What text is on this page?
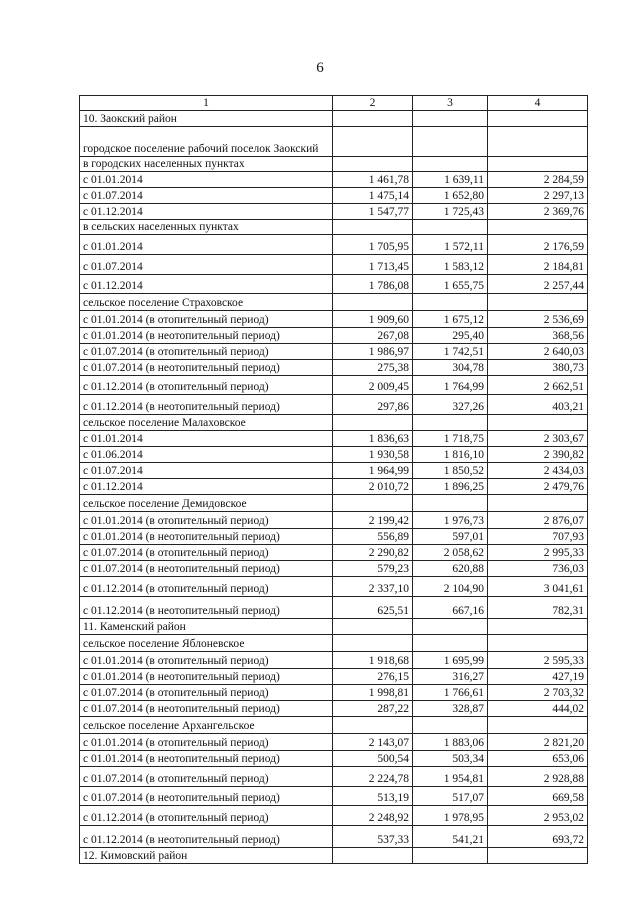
6
1	2	3	4
10. Заокский район			
городское поселение рабочий поселок Заокский			
в городских населенных пунктах			
с 01.01.2014	1 461,78	1 639,11	2 284,59
с 01.07.2014	1 475,14	1 652,80	2 297,13
с 01.12.2014	1 547,77	1 725,43	2 369,76
в сельских населенных пунктах			
с 01.01.2014	1 705,95	1 572,11	2 176,59
с 01.07.2014	1 713,45	1 583,12	2 184,81
с 01.12.2014	1 786,08	1 655,75	2 257,44
сельское поселение Страховское			
с 01.01.2014 (в отопительный период)	1 909,60	1 675,12	2 536,69
с 01.01.2014 (в неотопительный период)	267,08	295,40	368,56
с 01.07.2014 (в отопительный период)	1 986,97	1 742,51	2 640,03
с 01.07.2014 (в неотопительный период)	275,38	304,78	380,73
с 01.12.2014 (в отопительный период)	2 009,45	1 764,99	2 662,51
с 01.12.2014 (в неотопительный период)	297,86	327,26	403,21
сельское поселение Малаховское			
с 01.01.2014	1 836,63	1 718,75	2 303,67
с 01.06.2014	1 930,58	1 816,10	2 390,82
с 01.07.2014	1 964,99	1 850,52	2 434,03
с 01.12.2014	2 010,72	1 896,25	2 479,76
сельское поселение Демидовское			
с 01.01.2014 (в отопительный период)	2 199,42	1 976,73	2 876,07
с 01.01.2014 (в неотопительный период)	556,89	597,01	707,93
с 01.07.2014 (в отопительный период)	2 290,82	2 058,62	2 995,33
с 01.07.2014 (в неотопительный период)	579,23	620,88	736,03
с 01.12.2014 (в отопительный период)	2 337,10	2 104,90	3 041,61
с 01.12.2014 (в неотопительный период)	625,51	667,16	782,31
11. Каменский район			
сельское поселение Яблоневское			
с 01.01.2014 (в отопительный период)	1 918,68	1 695,99	2 595,33
с 01.01.2014 (в неотопительный период)	276,15	316,27	427,19
с 01.07.2014 (в отопительный период)	1 998,81	1 766,61	2 703,32
с 01.07.2014 (в неотопительный период)	287,22	328,87	444,02
сельское поселение Архангельское			
с 01.01.2014 (в отопительный период)	2 143,07	1 883,06	2 821,20
с 01.01.2014 (в неотопительный период)	500,54	503,34	653,06
с 01.07.2014 (в отопительный период)	2 224,78	1 954,81	2 928,88
с 01.07.2014 (в неотопительный период)	513,19	517,07	669,58
с 01.12.2014 (в отопительный период)	2 248,92	1 978,95	2 953,02
с 01.12.2014 (в неотопительный период)	537,33	541,21	693,72
12. Кимовский район			
